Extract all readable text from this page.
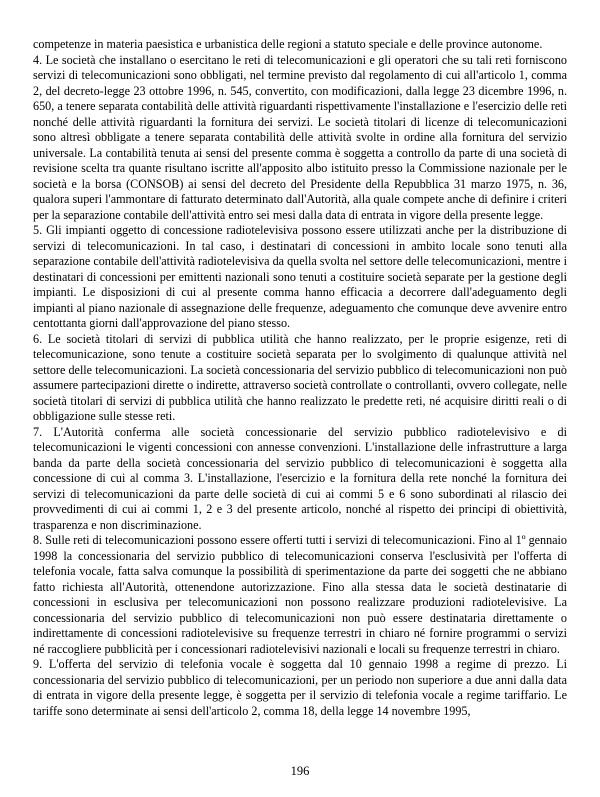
competenze in materia paesistica e urbanistica delle regioni a statuto speciale e delle province autonome.

4. Le società che installano o esercitano le reti di telecomunicazioni e gli operatori che su tali reti forniscono servizi di telecomunicazioni sono obbligati, nel termine previsto dal regolamento di cui all'articolo 1, comma 2, del decreto-legge 23 ottobre 1996, n. 545, convertito, con modificazioni, dalla legge 23 dicembre 1996, n. 650, a tenere separata contabilità delle attività riguardanti rispettivamente l'installazione e l'esercizio delle reti nonché delle attività riguardanti la fornitura dei servizi. Le società titolari di licenze di telecomunicazioni sono altresì obbligate a tenere separata contabilità delle attività svolte in ordine alla fornitura del servizio universale. La contabilità tenuta ai sensi del presente comma è soggetta a controllo da parte di una società di revisione scelta tra quante risultano iscritte all'apposito albo istituito presso la Commissione nazionale per le società e la borsa (CONSOB) ai sensi del decreto del Presidente della Repubblica 31 marzo 1975, n. 36, qualora superi l'ammontare di fatturato determinato dall'Autorità, alla quale compete anche di definire i criteri per la separazione contabile dell'attività entro sei mesi dalla data di entrata in vigore della presente legge.

5. Gli impianti oggetto di concessione radiotelevisiva possono essere utilizzati anche per la distribuzione di servizi di telecomunicazioni. In tal caso, i destinatari di concessioni in ambito locale sono tenuti alla separazione contabile dell'attività radiotelevisiva da quella svolta nel settore delle telecomunicazioni, mentre i destinatari di concessioni per emittenti nazionali sono tenuti a costituire società separate per la gestione degli impianti. Le disposizioni di cui al presente comma hanno efficacia a decorrere dall'adeguamento degli impianti al piano nazionale di assegnazione delle frequenze, adeguamento che comunque deve avvenire entro centottanta giorni dall'approvazione del piano stesso.

6. Le società titolari di servizi di pubblica utilità che hanno realizzato, per le proprie esigenze, reti di telecomunicazione, sono tenute a costituire società separata per lo svolgimento di qualunque attività nel settore delle telecomunicazioni. La società concessionaria del servizio pubblico di telecomunicazioni non può assumere partecipazioni dirette o indirette, attraverso società controllate o controllanti, ovvero collegate, nelle società titolari di servizi di pubblica utilità che hanno realizzato le predette reti, né acquisire diritti reali o di obbligazione sulle stesse reti.

7. L'Autorità conferma alle società concessionarie del servizio pubblico radiotelevisivo e di telecomunicazioni le vigenti concessioni con annesse convenzioni. L'installazione delle infrastrutture a larga banda da parte della società concessionaria del servizio pubblico di telecomunicazioni è soggetta alla concessione di cui al comma 3. L'installazione, l'esercizio e la fornitura della rete nonché la fornitura dei servizi di telecomunicazioni da parte delle società di cui ai commi 5 e 6 sono subordinati al rilascio dei provvedimenti di cui ai commi 1, 2 e 3 del presente articolo, nonché al rispetto dei principi di obiettività, trasparenza e non discriminazione.

8. Sulle reti di telecomunicazioni possono essere offerti tutti i servizi di telecomunicazioni. Fino al 1º gennaio 1998 la concessionaria del servizio pubblico di telecomunicazioni conserva l'esclusività per l'offerta di telefonia vocale, fatta salva comunque la possibilità di sperimentazione da parte dei soggetti che ne abbiano fatto richiesta all'Autorità, ottenendone autorizzazione. Fino alla stessa data le società destinatarie di concessioni in esclusiva per telecomunicazioni non possono realizzare produzioni radiotelevisive. La concessionaria del servizio pubblico di telecomunicazioni non può essere destinataria direttamente o indirettamente di concessioni radiotelevisive su frequenze terrestri in chiaro né fornire programmi o servizi né raccogliere pubblicità per i concessionari radiotelevisivi nazionali e locali su frequenze terrestri in chiaro.

9. L'offerta del servizio di telefonia vocale è soggetta dal 10 gennaio 1998 a regime di prezzo. Li concessionaria del servizio pubblico di telecomunicazioni, per un periodo non superiore a due anni dalla data di entrata in vigore della presente legge, è soggetta per il servizio di telefonia vocale a regime tariffario. Le tariffe sono determinate ai sensi dell'articolo 2, comma 18, della legge 14 novembre 1995,

196
